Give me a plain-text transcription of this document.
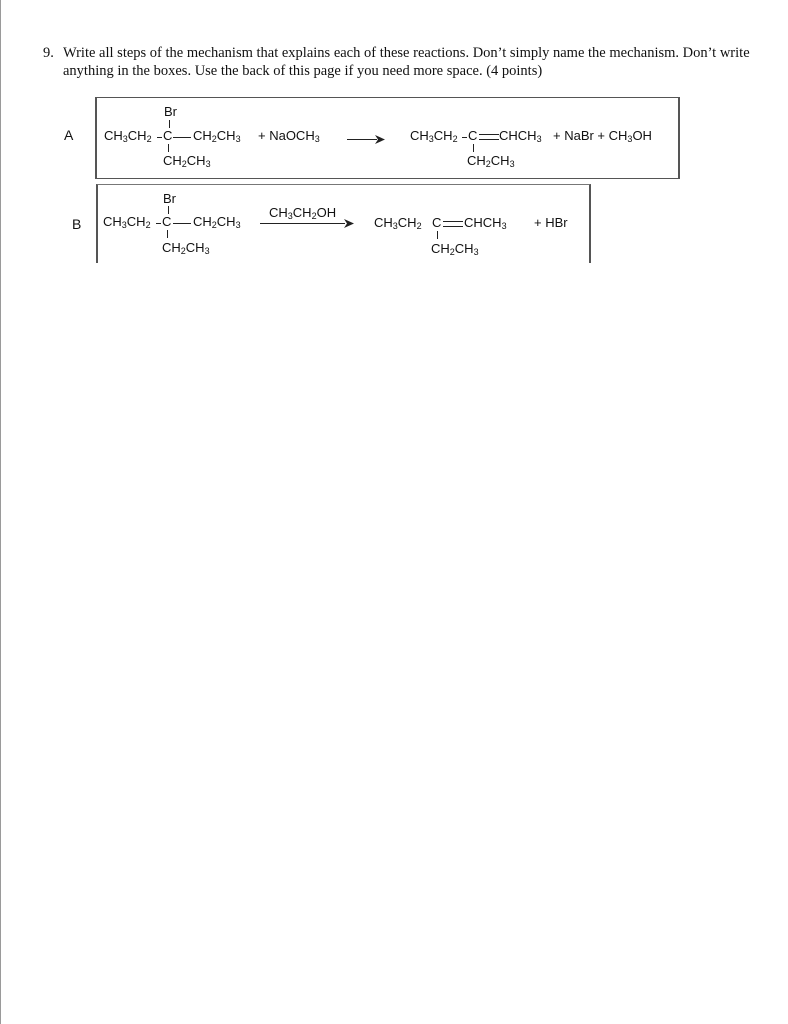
9. Write all steps of the mechanism that explains each of these reactions. Don’t simply name the mechanism. Don’t write anything in the boxes. Use the back of this page if you need more space. (4 points)
A
Br
$CH_3CH_2$ C $CH_2CH_3$
$CH_2CH_3$
+ NaOCH$_3$	$CH_3CH_2$ C $CHCH_3$
$CH_2CH_3$
+ NaBr + $CH_3OH$
B
Br
$CH_3CH_2$ C $CH_2CH_3$
$CH_2CH_3$
$CH_3CH_2OH$
$CH_3CH_2$ C $CHCH_3$
$CH_2CH_3$
+ HBr
